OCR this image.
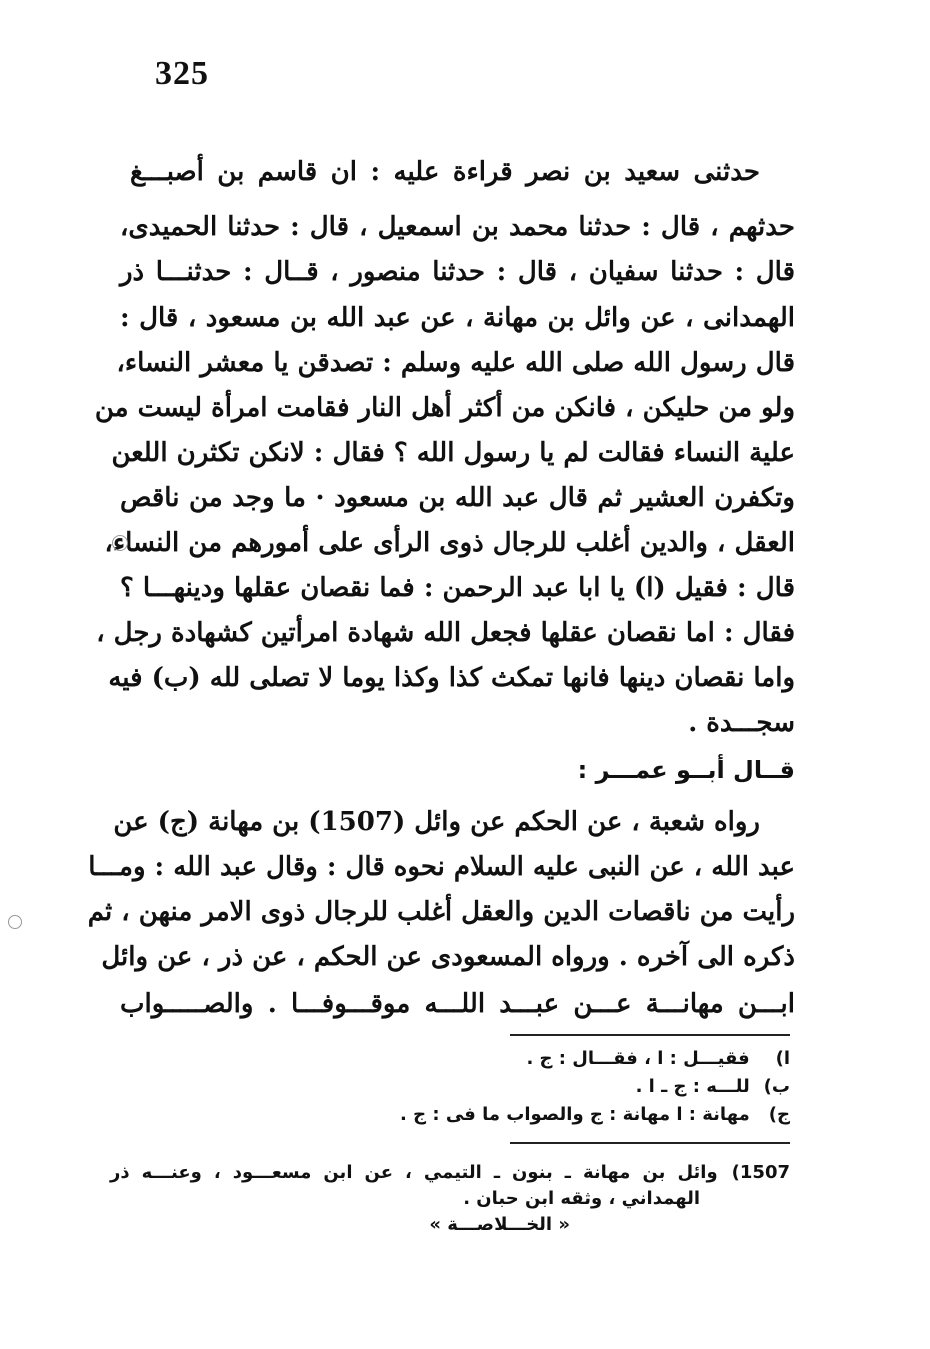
325
حدثنى سعيد بن نصر قراءة عليه : ان قاسم بن أصبـــغ
حدثهم ، قال : حدثنا محمد بن اسمعيل ، قال : حدثنا الحميدى،
قال : حدثنا سفيان ، قال : حدثنا منصور ، قــال : حدثنـــا ذر
الهمدانى ، عن وائل بن مهانة ، عن عبد الله بن مسعود ، قال :
قال رسول الله صلى الله عليه وسلم : تصدقن يا معشر النساء،
ولو من حليكن ، فانكن من أكثر أهل النار فقامت امرأة ليست من
علية النساء فقالت لم يا رسول الله ؟ فقال : لانكن تكثرن اللعن
وتكفرن العشير ثم قال عبد الله بن مسعود · ما وجد من ناقص
العقل ، والدين أغلب للرجال ذوى الرأى على أمورهم من النساء،
قال : فقيل (ا) يا ابا عبد الرحمن : فما نقصان عقلها ودينهـــا ؟
فقال : اما نقصان عقلها فجعل الله شهادة امرأتين كشهادة رجل ،
واما نقصان دينها فانها تمكث كذا وكذا يوما لا تصلى لله (ب) فيه
سجـــدة .
قــال أبــو عمـــر :
رواه شعبة ، عن الحكم عن وائل (1507) بن مهانة (ج) عن
عبد الله ، عن النبى عليه السلام نحوه قال : وقال عبد الله : ومـــا
رأيت من ناقصات الدين والعقل أغلب للرجال ذوى الامر منهن ، ثم
ذكره الى آخره . ورواه المسعودى عن الحكم ، عن ذر ، عن وائل
ابـــن مهانـــة عـــن عبـــد اللـــه موقـــوفـــا . والصـــــواب
ا) فقيـــل : ا ، فقـــال : ج .
ب) للـــه : ج ـ ا .
ج) مهانة : ا مهانة : ج والصواب ما فى : ج .
1507)وائل بن مهانة ـ بنون ـ التيمي ، عن ابن مسعـــود ، وعنـــه ذر
الهمداني ، وثقه ابن حبان .
« الخـــلاصـــة »
